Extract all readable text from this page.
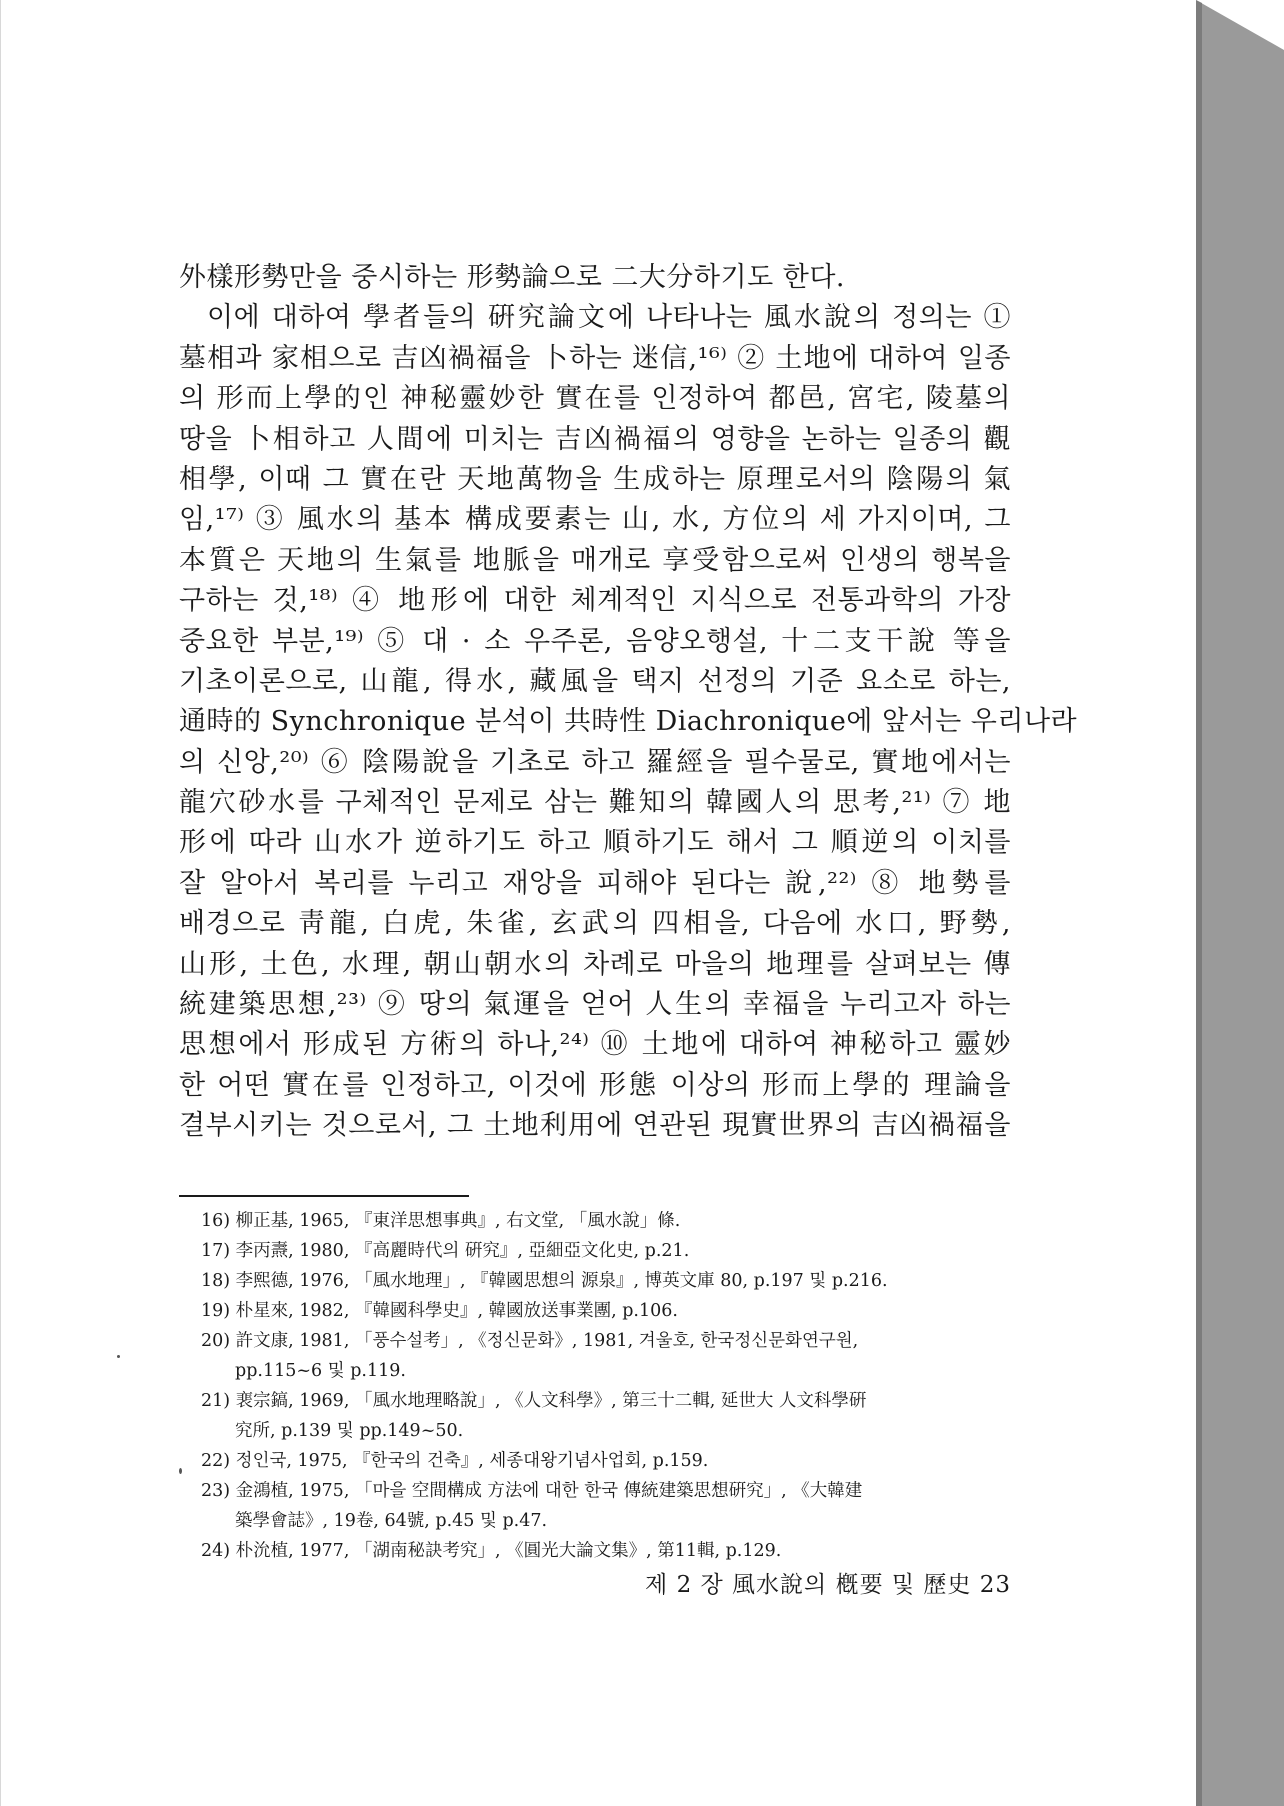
外樣形勢만을 중시하는 形勢論으로 二大分하기도 한다.
이에 대하여 學者들의 硏究論文에 나타나는 風水說의 정의는 ①
墓相과 家相으로 吉凶禍福을 卜하는 迷信,¹⁶⁾ ② 土地에 대하여 일종
의 形而上學的인 神秘靈妙한 實在를 인정하여 都邑, 宮宅, 陵墓의
땅을 卜相하고 人間에 미치는 吉凶禍福의 영향을 논하는 일종의 觀
相學, 이때 그 實在란 天地萬物을 生成하는 原理로서의 陰陽의 氣
임,¹⁷⁾ ③ 風水의 基本 構成要素는 山, 水, 方位의 세 가지이며, 그
本質은 天地의 生氣를 地脈을 매개로 享受함으로써 인생의 행복을
구하는 것,¹⁸⁾ ④ 地形에 대한 체계적인 지식으로 전통과학의 가장
중요한 부분,¹⁹⁾ ⑤ 대 · 소 우주론, 음양오행설, 十二支干說 等을
기초이론으로, 山龍, 得水, 藏風을 택지 선정의 기준 요소로 하는,
通時的 Synchronique 분석이 共時性 Diachronique에 앞서는 우리나라
의 신앙,²⁰⁾ ⑥ 陰陽說을 기초로 하고 羅經을 필수물로, 實地에서는
龍穴砂水를 구체적인 문제로 삼는 難知의 韓國人의 思考,²¹⁾ ⑦ 地
形에 따라 山水가 逆하기도 하고 順하기도 해서 그 順逆의 이치를
잘 알아서 복리를 누리고 재앙을 피해야 된다는 說,²²⁾ ⑧ 地勢를
배경으로 靑龍, 白虎, 朱雀, 玄武의 四相을, 다음에 水口, 野勢,
山形, 土色, 水理, 朝山朝水의 차례로 마을의 地理를 살펴보는 傳
統建築思想,²³⁾ ⑨ 땅의 氣運을 얻어 人生의 幸福을 누리고자 하는
思想에서 形成된 方術의 하나,²⁴⁾ ⑩ 土地에 대하여 神秘하고 靈妙
한 어떤 實在를 인정하고, 이것에 形態 이상의 形而上學的 理論을
결부시키는 것으로서, 그 土地利用에 연관된 現實世界의 吉凶禍福을
16) 柳正基, 1965, 『東洋思想事典』, 右文堂, 「風水說」條.
17) 李丙燾, 1980, 『高麗時代의 硏究』, 亞細亞文化史, p.21.
18) 李熙德, 1976, 「風水地理」, 『韓國思想의 源泉』, 博英文庫 80, p.197 및 p.216.
19) 朴星來, 1982, 『韓國科學史』, 韓國放送事業團, p.106.
20) 許文康, 1981, 「풍수설考」, 《정신문화》, 1981, 겨울호, 한국정신문화연구원,
pp.115~6 및 p.119.
21) 裵宗鎬, 1969, 「風水地理略說」, 《人文科學》, 第三十二輯, 延世大 人文科學硏
究所, p.139 및 pp.149~50.
22) 정인국, 1975, 『한국의 건축』, 세종대왕기념사업회, p.159.
23) 金鴻植, 1975, 「마을 空間構成 方法에 대한 한국 傳統建築思想硏究」, 《大韓建
築學會誌》, 19卷, 64號, p.45 및 p.47.
24) 朴沇植, 1977, 「湖南秘訣考究」, 《圓光大論文集》, 第11輯, p.129.
제 2 장 風水說의 槪要 및 歷史 23
